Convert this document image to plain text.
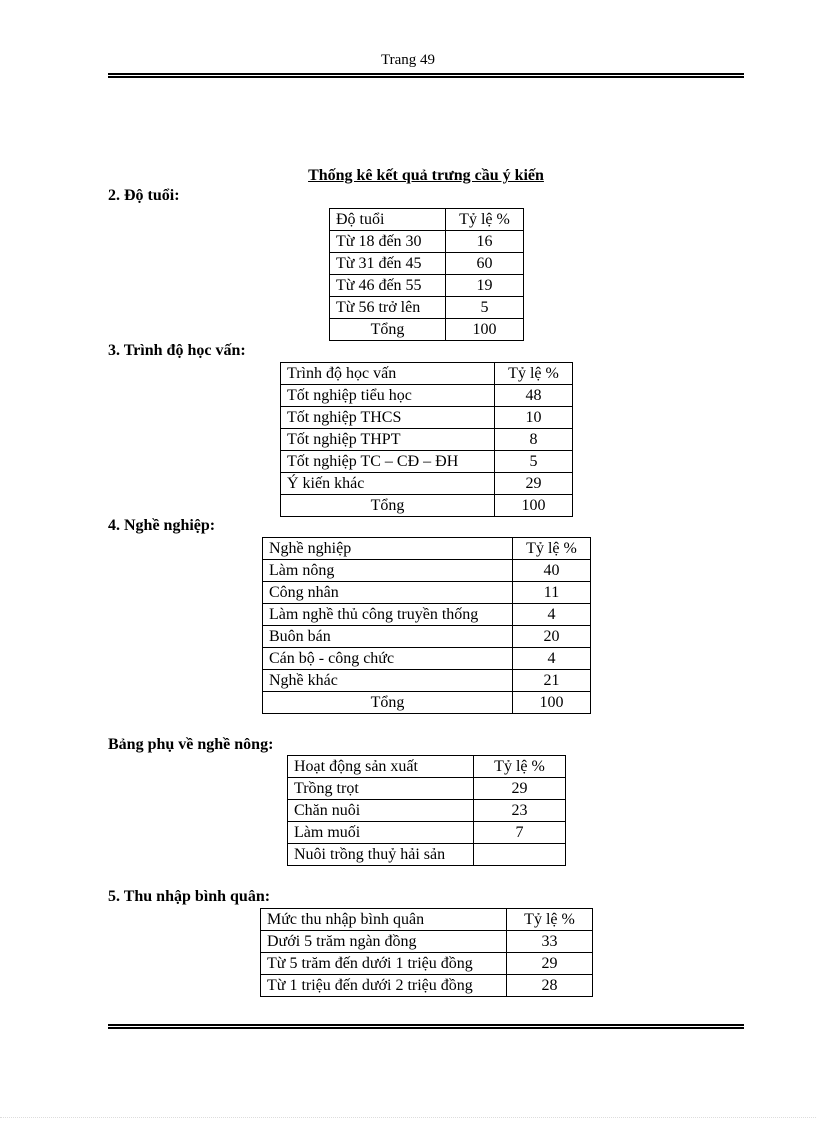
Trang 49
Thống kê kết quả trưng cầu ý kiến
2. Độ tuổi:
Độ tuổi	Tỷ lệ %
Từ 18 đến 30	16
Từ 31 đến 45	60
Từ 46 đến 55	19
Từ 56 trở lên	5
Tổng	100
3. Trình độ học vấn:
Trình độ học vấn	Tỷ lệ %
Tốt nghiệp tiểu học	48
Tốt nghiệp THCS	10
Tốt nghiệp THPT	8
Tốt nghiệp TC – CĐ – ĐH	5
Ý kiến khác	29
Tổng	100
4. Nghề nghiệp:
Nghề nghiệp	Tỷ lệ %
Làm nông	40
Công nhân	11
Làm nghề thủ công truyền thống	4
Buôn bán	20
Cán bộ - công chức	4
Nghề khác	21
Tổng	100
Bảng phụ về nghề nông:
Hoạt động sản xuất	Tỷ lệ %
Trồng trọt	29
Chăn nuôi	23
Làm muối	7
Nuôi trồng thuỷ hải sản	
5. Thu nhập bình quân:
Mức thu nhập bình quân	Tỷ lệ %
Dưới 5 trăm ngàn đồng	33
Từ 5 trăm đến dưới 1 triệu đồng	29
Từ 1 triệu đến dưới 2 triệu đồng	28
